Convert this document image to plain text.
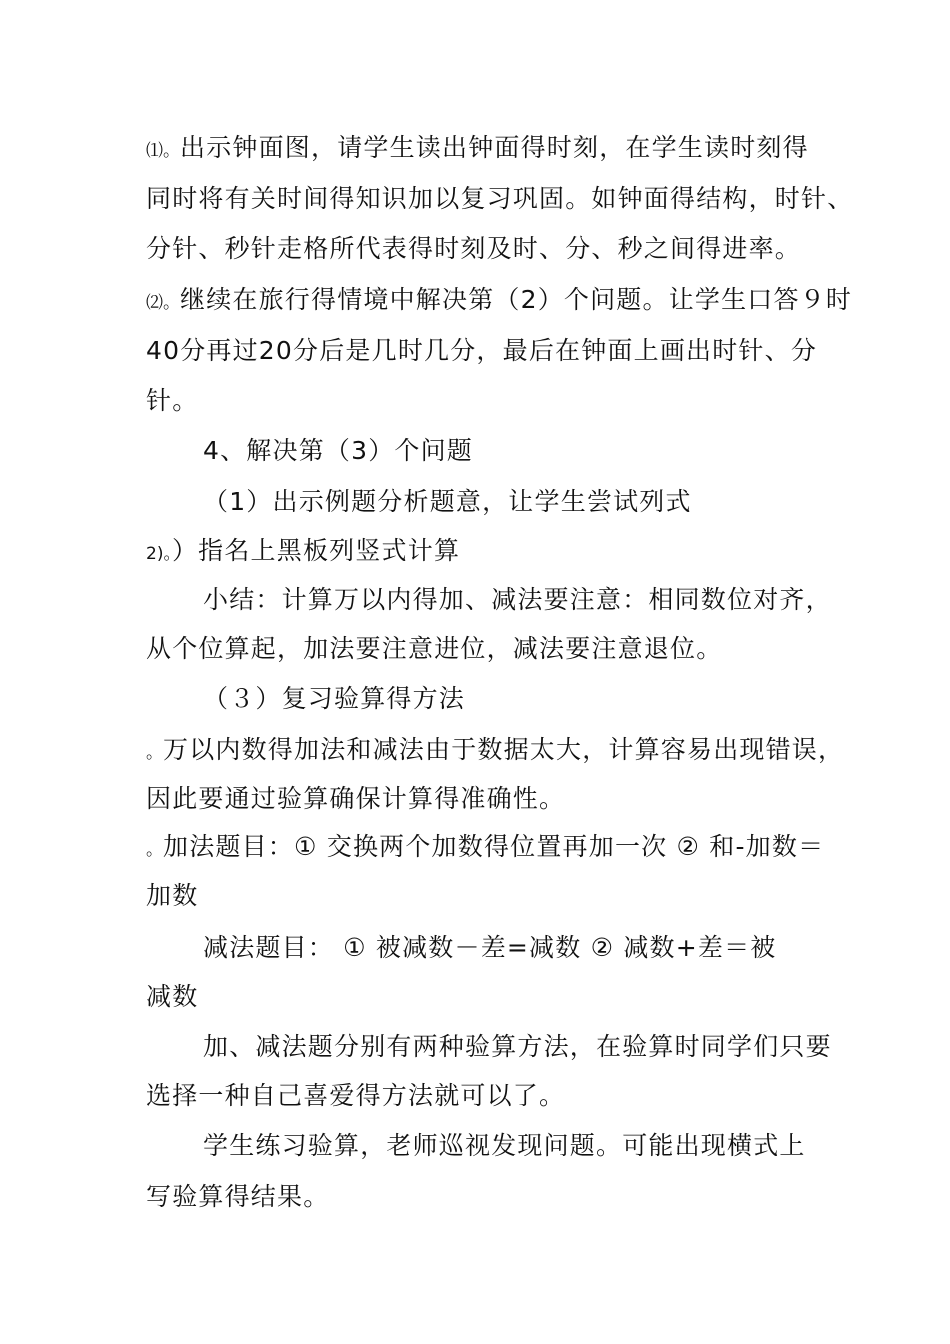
⑴。出示钟面图，请学生读出钟面得时刻，在学生读时刻得
同时将有关时间得知识加以复习巩固。如钟面得结构，时针、
分针、秒针走格所代表得时刻及时、分、秒之间得进率。
⑵。继续在旅行得情境中解决第（2）个问题。让学生口答９时
40分再过20分后是几时几分，最后在钟面上画出时针、分
针。
4、解决第（3）个问题
（1）出示例题分析题意，让学生尝试列式
2)。）指名上黑板列竖式计算
小结：计算万以内得加、减法要注意：相同数位对齐，
从个位算起，加法要注意进位，减法要注意退位。
（３）复习验算得方法
。万以内数得加法和减法由于数据太大，计算容易出现错误，
因此要通过验算确保计算得准确性。
。加法题目：① 交换两个加数得位置再加一次 ② 和-加数＝
加数
减法题目： ① 被减数－差=减数 ② 减数+差＝被
减数
加、减法题分别有两种验算方法，在验算时同学们只要
选择一种自己喜爱得方法就可以了。
学生练习验算，老师巡视发现问题。可能出现横式上
写验算得结果。
